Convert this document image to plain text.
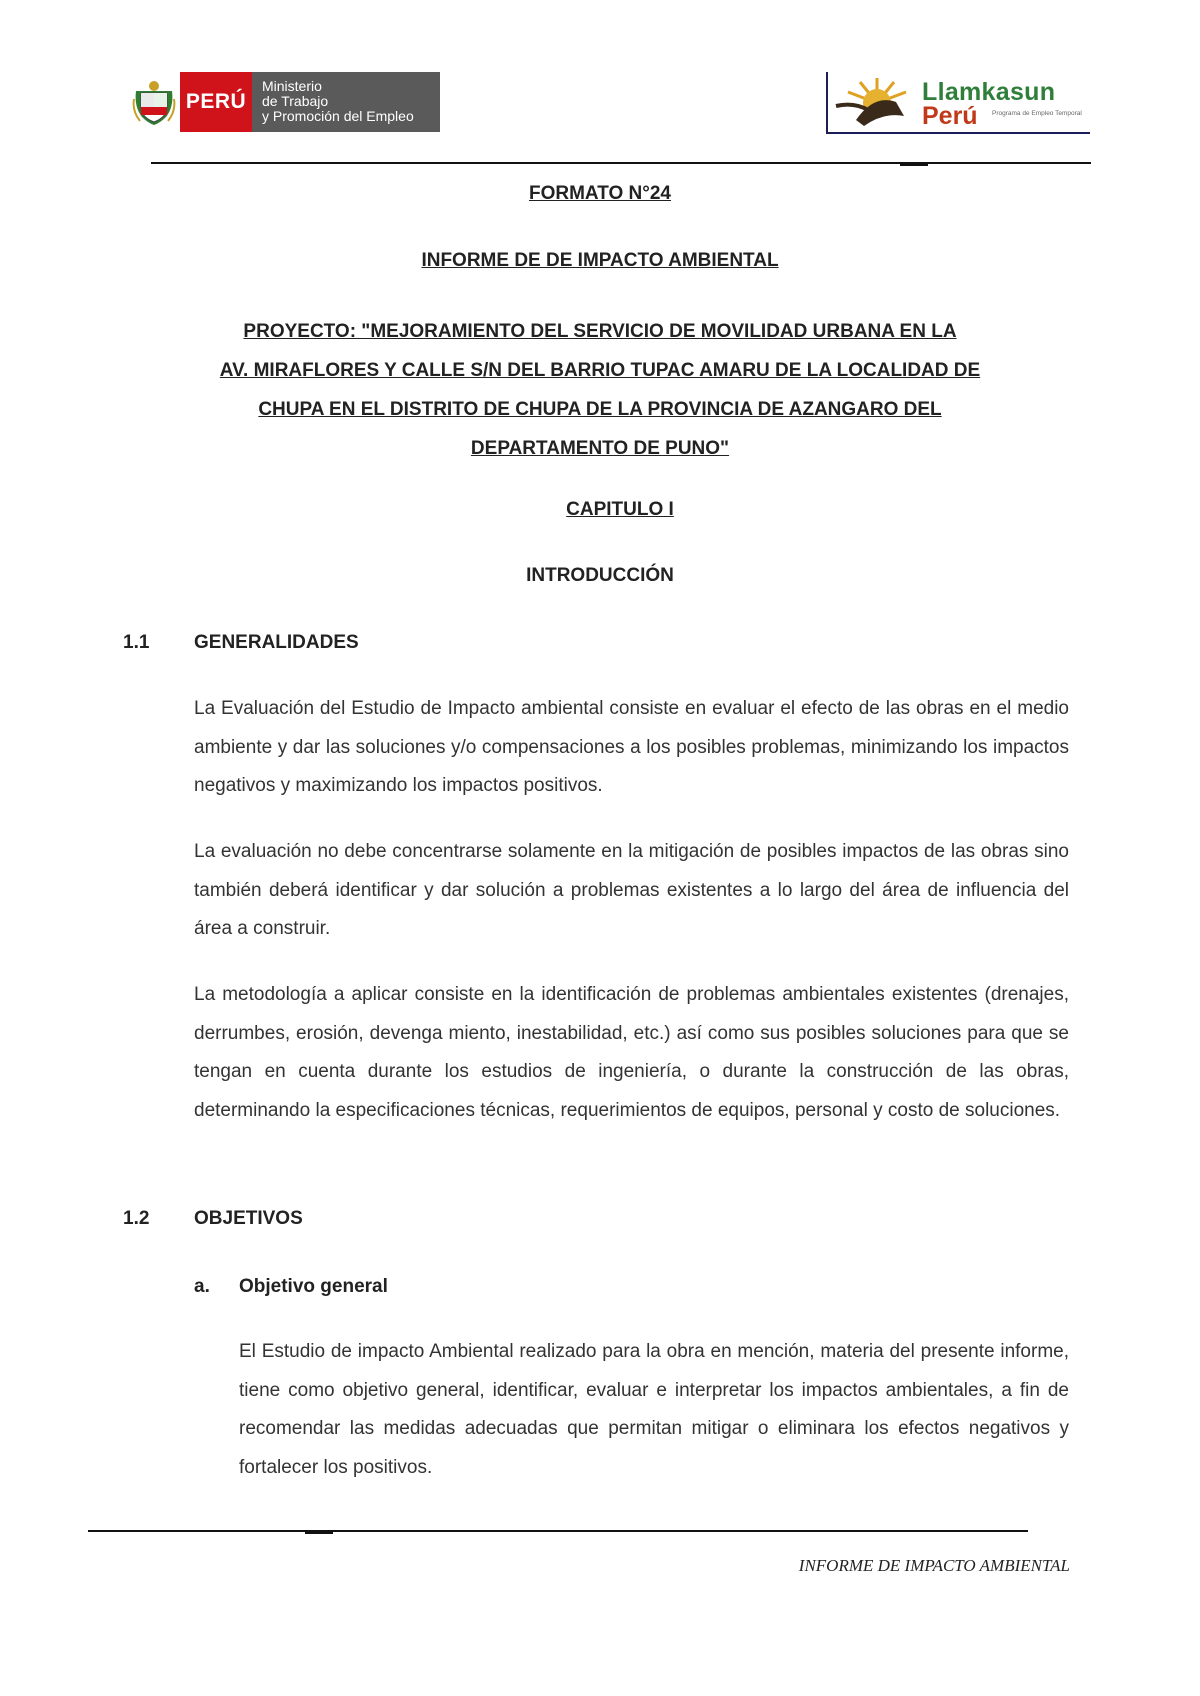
PERÚ
Ministerio
de Trabajo
y Promoción del Empleo
Llamkasun
Perú Programa de Empleo Temporal
FORMATO N°24
INFORME DE DE IMPACTO AMBIENTAL
PROYECTO: "MEJORAMIENTO DEL SERVICIO DE MOVILIDAD URBANA EN LA
AV. MIRAFLORES Y CALLE S/N DEL BARRIO TUPAC AMARU DE LA LOCALIDAD DE
CHUPA EN EL DISTRITO DE CHUPA DE LA PROVINCIA DE AZANGARO DEL
DEPARTAMENTO DE PUNO"
CAPITULO I
INTRODUCCIÓN
1.1 GENERALIDADES
La Evaluación del Estudio de Impacto ambiental consiste en evaluar el efecto de las obras en el medio ambiente y dar las soluciones y/o compensaciones a los posibles problemas, minimizando los impactos negativos y maximizando los impactos positivos.
La evaluación no debe concentrarse solamente en la mitigación de posibles impactos de las obras sino también deberá identificar y dar solución a problemas existentes a lo largo del área de influencia del área a construir.
La metodología a aplicar consiste en la identificación de problemas ambientales existentes (drenajes, derrumbes, erosión, devenga miento, inestabilidad, etc.) así como sus posibles soluciones para que se tengan en cuenta durante los estudios de ingeniería, o durante la construcción de las obras, determinando la especificaciones técnicas, requerimientos de equipos, personal y costo de soluciones.
1.2 OBJETIVOS
a. Objetivo general
El Estudio de impacto Ambiental realizado para la obra en mención, materia del presente informe, tiene como objetivo general, identificar, evaluar e interpretar los impactos ambientales, a fin de recomendar las medidas adecuadas que permitan mitigar o eliminara los efectos negativos y fortalecer los positivos.
INFORME DE IMPACTO AMBIENTAL
